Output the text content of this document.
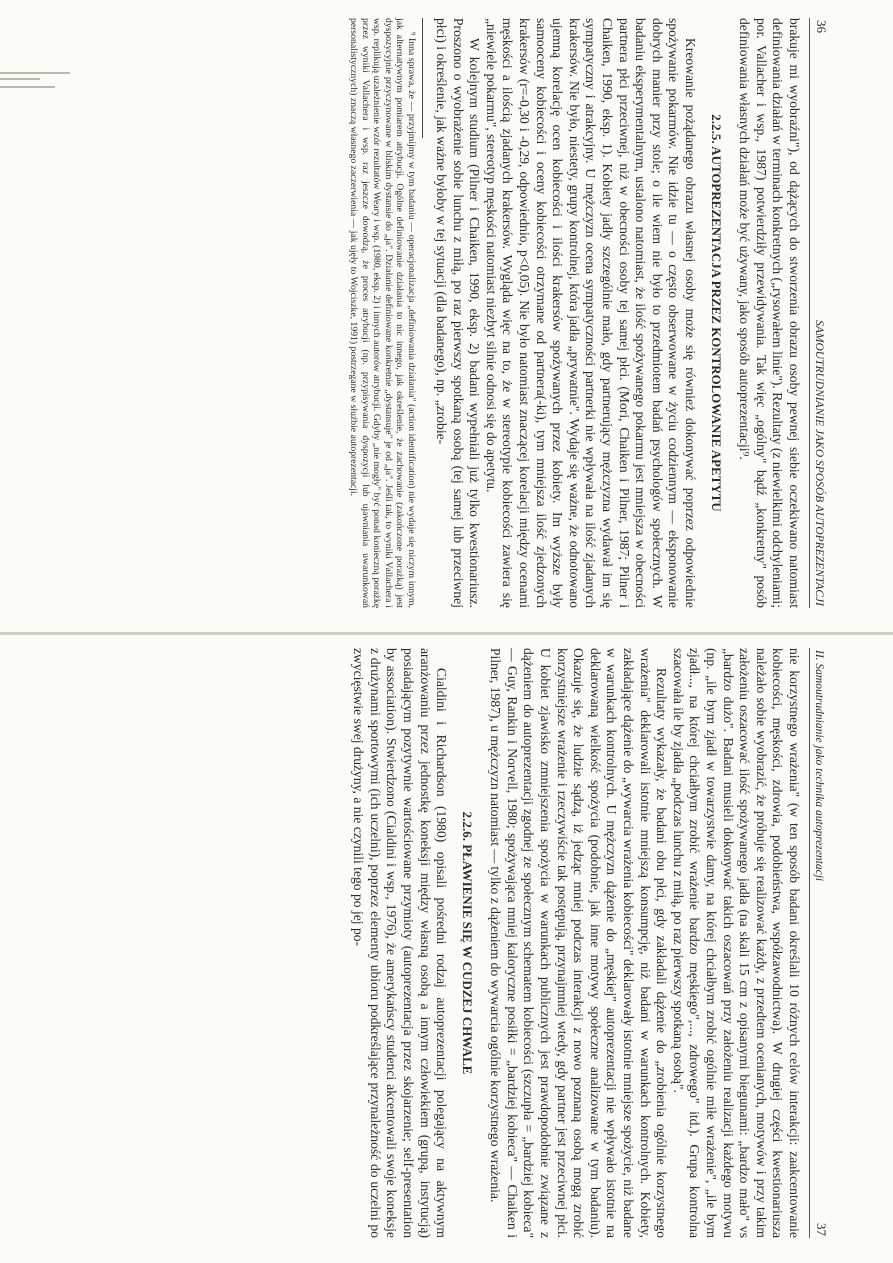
36
SAMOUTRUDNIANIE JAKO SPOSÓB AUTOPREZENTACJI

brakuje mi wyobraźni"), od dążących do stworzenia obrazu osoby pewnej siebie oczekiwano natomiast definiowania działań w terminach konkretnych („rysowałem linie"). Rezultaty (z niewielkimi odchyleniami; por. Vallacher i wsp., 1987) potwierdziły przewidywania. Tak więc „ogólny" bądź „konkretny" posób definiowania własnych działań może być używany, jako sposób autoprezentacji⁹.

2.2.5. AUTOPREZENTACJA PRZEZ KONTROLOWANIE APETYTU

Kreowanie pożądanego obrazu własnej osoby może się również dokonywać poprzez odpowiednie spożywanie pokarmów. Nie idzie tu — o często obserwowane w życiu codziennym — eksponowanie dobrych manier przy stole; o ile wiem nie było to przedmiotem badań psychologów społecznych. W badaniu eksperymentalnym, ustalono natomiast, że ilość spożywanego pokarmu jest mniejsza w obecności partnera płci przeciwnej, niż w obecności osoby tej samej płci. (Mori, Chaiken i Pilner, 1987; Pilner i Chaiken, 1990, eksp. 1). Kobiety jadły szczególnie mało, gdy partnerujący mężczyzna wydawał im się sympatyczny i atrakcyjny. U mężczyzn ocena sympatyczności partnerki nie wpływała na ilość zjadanych krakersów. Nie było, niestety, grupy kontrolnej, która jadła „prywatnie". Wydaje się ważne, że odnotowano ujemną korelację ocen kobiecości i ilości krakersów spożywanych przez kobiety. Im wyższe były samooceny kobiecości i oceny kobiecości otrzymane od partnera(-ki), tym mniejsza ilość zjedzonych krakersów (r=-0,30 i -0,29, odpowiednio, p<0,05). Nie było natomiast znaczącej korelacji między ocenami męskości a ilością zjadanych krakersów. Wygląda więc na to, że w stereotypie kobiecości zawiera się „niewiele pokarmu", stereotyp męskości natomiast niezbyt silnie odnosi się do apetytu.

W kolejnym studium (Pilner i Chaiken, 1990, eksp. 2) badani wypełniali już tylko kwestionariusz. Proszono o wyobrażenie sobie lunchu z miłą, po raz pierwszy spotkaną osobą (tej samej lub przeciwnej płci) i określenie, jak ważne byłoby w tej sytuacji (dla badanego), np. „zrobie-

⁹ Inna sprawa, że — przyjmijmy w tym badaniu — operacjonalizacja „definiowania działania" (action identification) nie wydaje się niczym innym, jak alternatywnym pomiarem atrybucji. Ogólne definiowanie działania to nic innego, jak określenie, że zachowanie (zakończone porażką) jest dyspozycyjnie przyczynowane w bliskim dystansie do „ja". Działanie definiowane konkretnie „dystansuje" je od „ja". Jeśli tak, to wyniki Vallachera i wsp. replikują uzależnienie wzór rezultatów Weary i wsp. (1980, eksp. 2) i innych autorów atrybucji. Gdyby „nie mogły" być ponad konieczną porażkę przez wyniki Vallachera i wsp. raz jeszcze dowodzą, że proces atrybucji (np. przypisywania dyspozycji lub ujawniania uwarunkowań personalistycznych) znaczą własnego zaczerwienia — jak ujęły to Wojciszke, 1991) postrzegane w służbie autoprezentacji.
II. Samoutrudnianie jako technika autoprezentacji
37

nie korzystnego wrażenia" (w ten sposób badani określali 10 różnych celów interakcji: zaakcentowanie kobiecości, męskości, zdrowia, podobieństwa, współzawodnictwa). W drugiej części kwestionariusza należało sobie wyobrazić, że próbuje się realizować każdy, z przedtem ocenianych, motywów i przy takim założeniu oszacować ilość spożywanego jadła (na skali 15 cm z opisanymi biegunami: „bardzo mało" vs „bardzo dużo". Badani musieli dokonywać takich oszacowań przy założeniu realizacji każdego motywu (np. „ile bym zjadł w towarzystwie damy, na której chciałbym zrobić ogólnie miłe wrażenie", „ile bym zjadł..., na której chciałbym zrobić wrażenie bardzo męskiego",..., zdrowego" itd.). Grupa kontrolna szacowała ile by zjadła „podczas lunchu z miłą, po raz pierwszy spotkaną osobą".

Rezultaty wykazały, że badani obu płci, gdy zakładali dążenie do „zrobienia ogólnie korzystnego wrażenia" deklarowali istotnie mniejszą konsumpcję, niż badani w warunkach kontrolnych. Kobiety, zakładające dążenie do „wywarcia wrażenia kobiecości" deklarowały istotnie mniejsze spożycie, niż badane w warunkach kontrolnych. U mężczyzn dążenie do „męskiej" autoprezentacji nie wpływało istotnie na deklarowaną wielkość spożycia (podobnie, jak inne motywy społeczne analizowane w tym badaniu). Okazuje się, że ludzie sądzą, iż jedząc mniej podczas interakcji z nowo poznaną osobą mogą zrobić korzystniejsze wrażenie i rzeczywiście tak postępują, przynajmniej wtedy, gdy partner jest przeciwnej płci. U kobiet zjawisko zmniejszenia spożycia w warunkach publicznych jest prawdopodobnie związane z dążeniem do autoprezentacji zgodnej ze społecznym schematem kobiecości (szczupła = „bardziej kobieca" — Guy, Rankin i Norvell, 1980; spożywająca mniej kaloryczne posiłki = „bardziej kobieca" — Chaiken i Pilner, 1987), u mężczyzn natomiast — tylko z dążeniem do wywarcia ogólnie korzystnego wrażenia.

2.2.6. PŁAWIENIE SIĘ W CUDZEJ CHWALE

Cialdini i Richardson (1980) opisali pośredni rodzaj autoprezentacji polegający na aktywnym aranżowaniu przez jednostkę koneksji między własną osobą a innym człowiekiem (grupą, instytucją) posiadającym pozytywnie wartościowane przymioty (autoprezentacja przez skojarzenie; self-presentation by association). Stwierdzono (Cialdini i wsp., 1976), że amerykańscy studenci akcentowali swoje koneksje z drużynami sportowymi (ich uczelni), poprzez elementy ubioru podkreślające przynależność do uczelni po zwycięstwie swej drużyny, a nie czynili tego po jej po-
